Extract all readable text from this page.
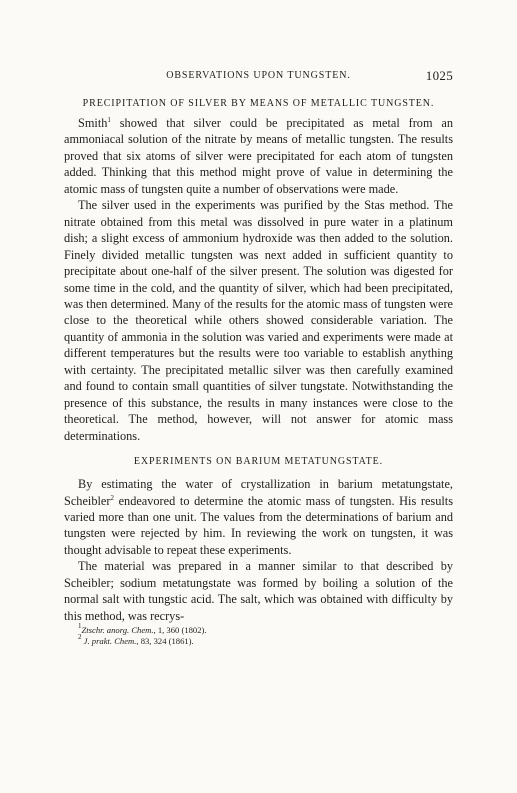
OBSERVATIONS UPON TUNGSTEN.	1025
PRECIPITATION OF SILVER BY MEANS OF METALLIC TUNGSTEN.

Smith$^1$ showed that silver could be precipitated as metal from an ammoniacal solution of the nitrate by means of metallic tungsten. The results proved that six atoms of silver were precipitated for each atom of tungsten added. Thinking that this method might prove of value in determining the atomic mass of tungsten quite a number of observations were made.

The silver used in the experiments was purified by the Stas method. The nitrate obtained from this metal was dissolved in pure water in a platinum dish; a slight excess of ammonium hydroxide was then added to the solution. Finely divided metallic tungsten was next added in sufficient quantity to precipitate about one-half of the silver present. The solution was digested for some time in the cold, and the quantity of silver, which had been precipitated, was then determined. Many of the results for the atomic mass of tungsten were close to the theoretical while others showed considerable variation. The quantity of ammonia in the solution was varied and experiments were made at different temperatures but the results were too variable to establish anything with certainty. The precipitated metallic silver was then carefully examined and found to contain small quantities of silver tungstate. Notwithstanding the presence of this substance, the results in many instances were close to the theoretical. The method, however, will not answer for atomic mass determinations.

EXPERIMENTS ON BARIUM METATUNGSTATE.

By estimating the water of crystallization in barium metatungstate, Scheibler$^2$ endeavored to determine the atomic mass of tungsten. His results varied more than one unit. The values from the determinations of barium and tungsten were rejected by him. In reviewing the work on tungsten, it was thought advisable to repeat these experiments.

The material was prepared in a manner similar to that described by Scheibler; sodium metatungstate was formed by boiling a solution of the normal salt with tungstic acid. The salt, which was obtained with difficulty by this method, was recrys-

$^1$Ztschr. anorg. Chem., 1, 360 (1802).
$^2$ J. prakt. Chem., 83, 324 (1861).
